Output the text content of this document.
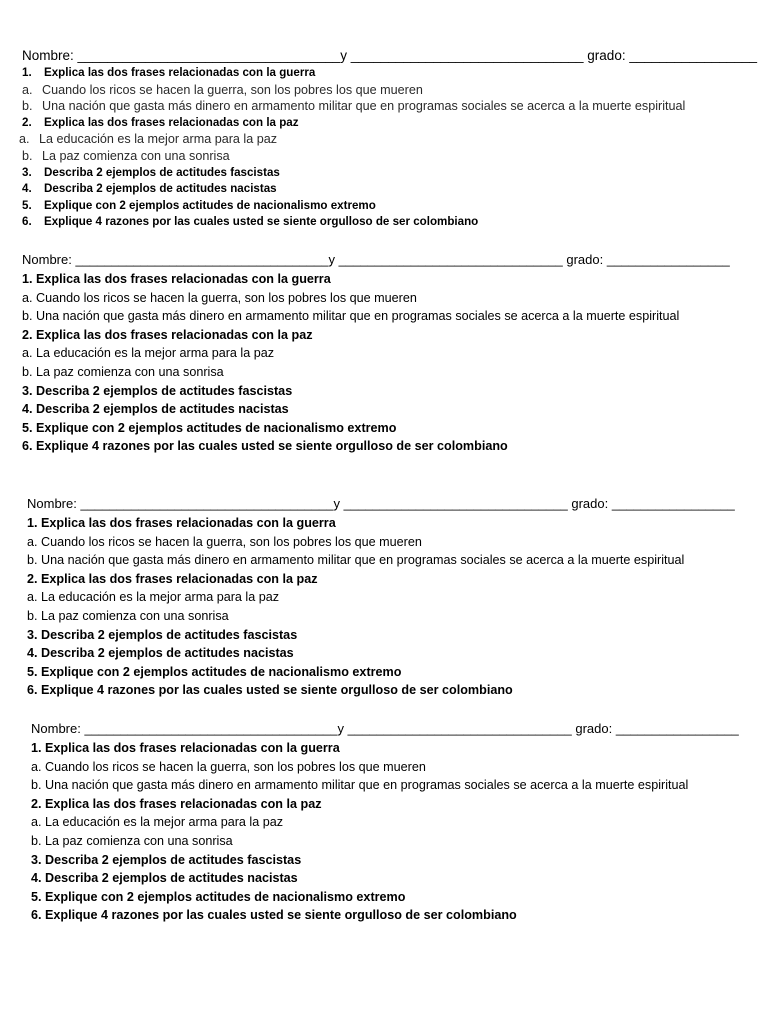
Nombre: ___________________________________y _______________________________ grado: _________________
1. Explica las dos frases relacionadas con la guerra
a. Cuando los ricos se hacen la guerra, son los pobres los que mueren
b. Una nación que gasta más dinero en armamento militar que en programas sociales se acerca a la muerte espiritual
2. Explica las dos frases relacionadas con la paz
a. La educación es la mejor arma para la paz
b. La paz comienza con una sonrisa
3. Describa 2 ejemplos de actitudes fascistas
4. Describa 2 ejemplos de actitudes nacistas
5. Explique con 2 ejemplos actitudes de nacionalismo extremo
6. Explique 4 razones por las cuales usted se siente orgulloso de ser colombiano
Nombre: ___________________________________y _______________________________ grado: _________________
1. Explica las dos frases relacionadas con la guerra
a. Cuando los ricos se hacen la guerra, son los pobres los que mueren
b. Una nación que gasta más dinero en armamento militar que en programas sociales se acerca a la muerte espiritual
2. Explica las dos frases relacionadas con la paz
a. La educación es la mejor arma para la paz
b. La paz comienza con una sonrisa
3. Describa 2 ejemplos de actitudes fascistas
4. Describa 2 ejemplos de actitudes nacistas
5. Explique con 2 ejemplos actitudes de nacionalismo extremo
6. Explique 4 razones por las cuales usted se siente orgulloso de ser colombiano
Nombre: ___________________________________y _______________________________ grado: _________________
1. Explica las dos frases relacionadas con la guerra
a. Cuando los ricos se hacen la guerra, son los pobres los que mueren
b. Una nación que gasta más dinero en armamento militar que en programas sociales se acerca a la muerte espiritual
2. Explica las dos frases relacionadas con la paz
a. La educación es la mejor arma para la paz
b. La paz comienza con una sonrisa
3. Describa 2 ejemplos de actitudes fascistas
4. Describa 2 ejemplos de actitudes nacistas
5. Explique con 2 ejemplos actitudes de nacionalismo extremo
6. Explique 4 razones por las cuales usted se siente orgulloso de ser colombiano
Nombre: ___________________________________y _______________________________ grado: _________________
1. Explica las dos frases relacionadas con la guerra
a. Cuando los ricos se hacen la guerra, son los pobres los que mueren
b. Una nación que gasta más dinero en armamento militar que en programas sociales se acerca a la muerte espiritual
2. Explica las dos frases relacionadas con la paz
a. La educación es la mejor arma para la paz
b. La paz comienza con una sonrisa
3. Describa 2 ejemplos de actitudes fascistas
4. Describa 2 ejemplos de actitudes nacistas
5. Explique con 2 ejemplos actitudes de nacionalismo extremo
6. Explique 4 razones por las cuales usted se siente orgulloso de ser colombiano
